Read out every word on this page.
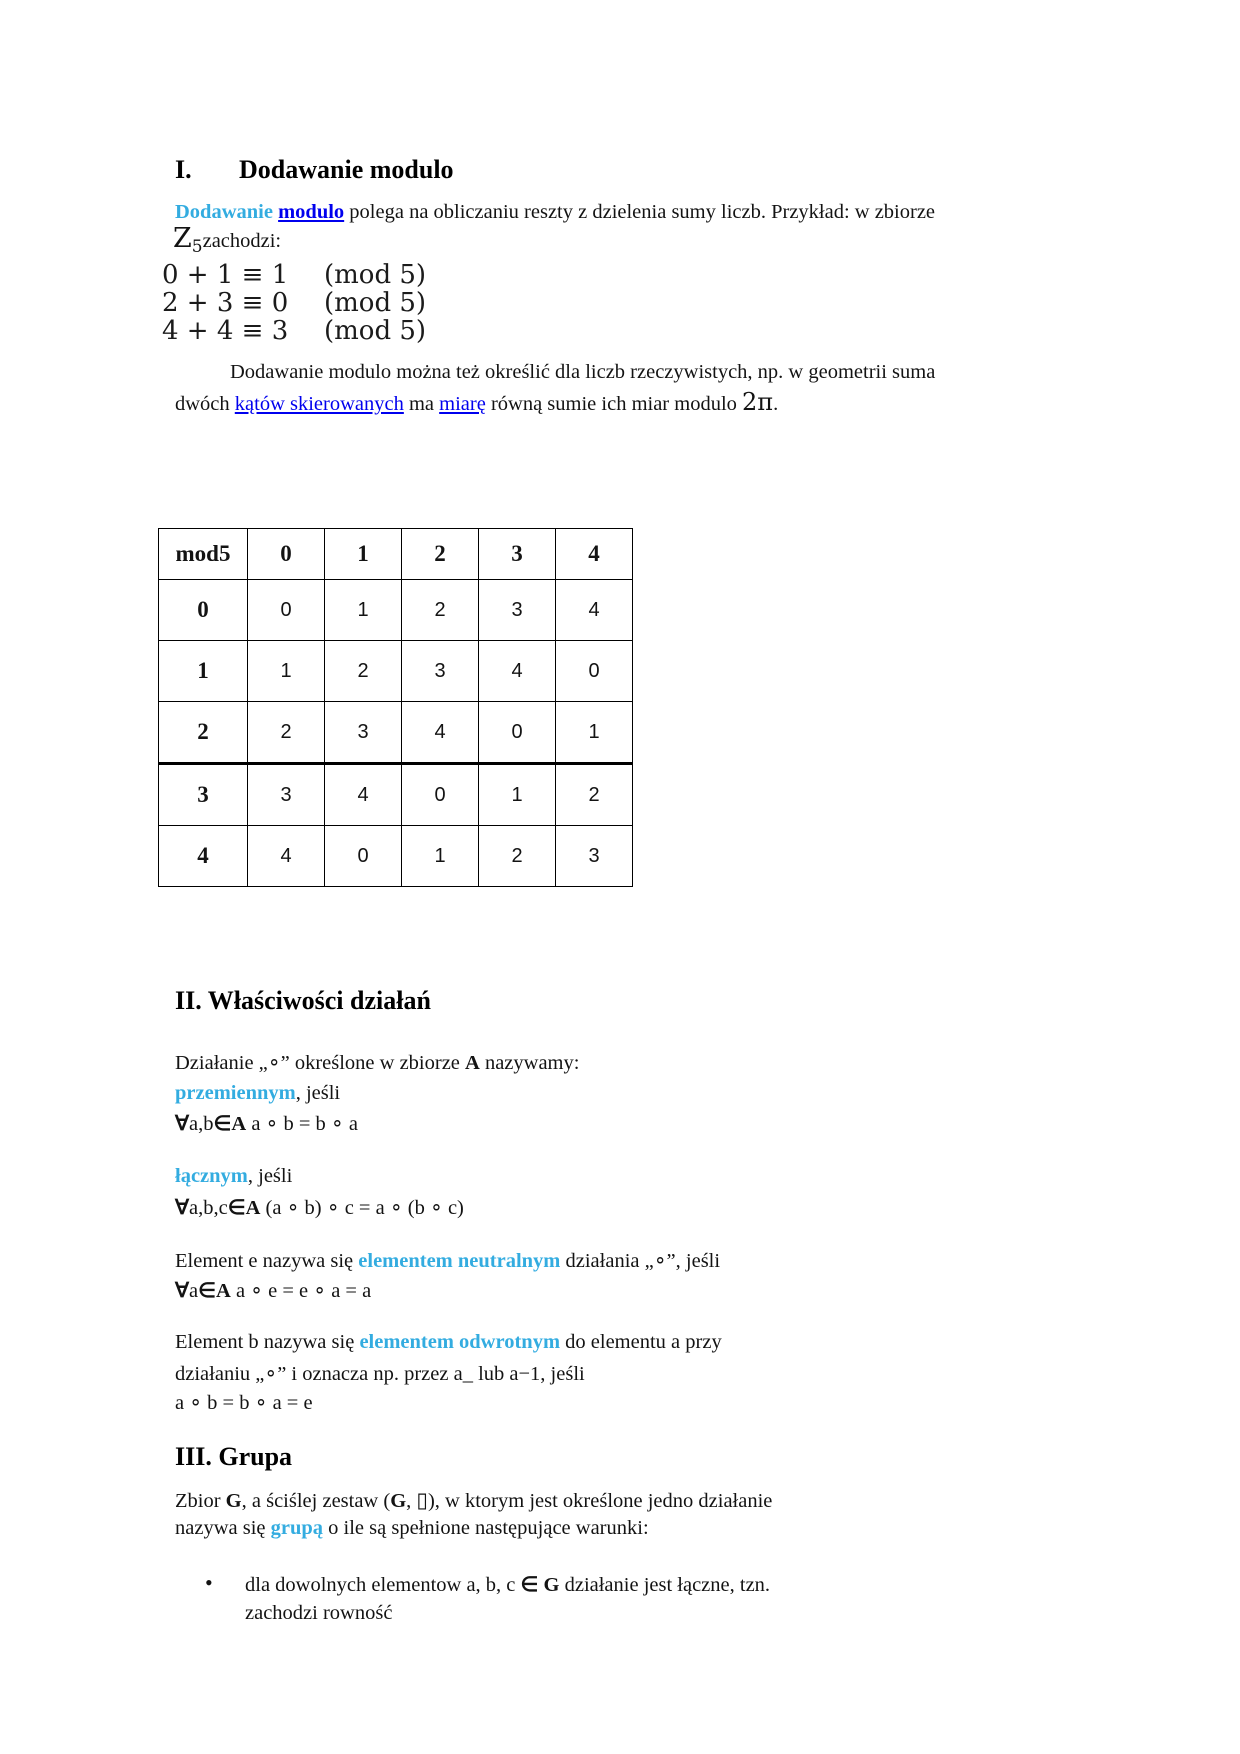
I. Dodawanie modulo
Dodawanie modulo polega na obliczaniu reszty z dzielenia sumy liczb. Przykład: w zbiorze
$Z_5zachodzi$:
0 + 1 ≡ 1	(mod 5)
2 + 3 ≡ 0	(mod 5)
4 + 4 ≡ 3	(mod 5)
Dodawanie modulo można też określić dla liczb rzeczywistych, np. w geometrii suma
dwóch kątów skierowanych ma miarę równą sumie ich miar modulo 2π.
mod5	0	1	2	3	4
0	0	1	2	3	4
1	1	2	3	4	0
2	2	3	4	0	1
3	3	4	0	1	2
4	4	0	1	2	3
II. Właściwości działań
Działanie „∘” określone w zbiorze A nazywamy:
przemiennym, jeśli
∀a,b∈A a ∘ b = b ∘ a
łącznym, jeśli
∀a,b,c∈A (a ∘ b) ∘ c = a ∘ (b ∘ c)
Element e nazywa się elementem neutralnym działania „∘”, jeśli
∀a∈A a ∘ e = e ∘ a = a
Element b nazywa się elementem odwrotnym do elementu a przy
działaniu „∘” i oznacza np. przez a_ lub a−1, jeśli
a ∘ b = b ∘ a = e
III. Grupa
Zbior G, a ściślej zestaw (G, ▯), w ktorym jest określone jedno działanie
nazywa się grupą o ile są spełnione następujące warunki:
• dla dowolnych elementow a, b, c ∈ G działanie jest łączne, tzn.
zachodzi rowność
